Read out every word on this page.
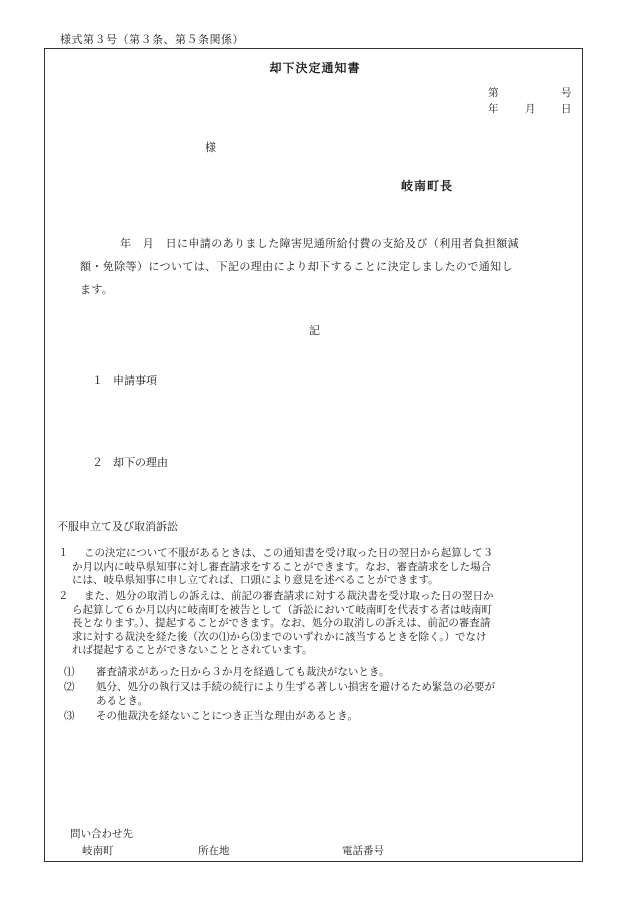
様式第３号（第３条、第５条関係）
却下決定通知書
第	号
年	月 日
様
岐南町長
年　月　日に申請のありました障害児通所給付費の支給及び（利用者負担額減
額・免除等）については、下記の理由により却下することに決定しましたので通知し
ます。
記
１ 申請事項
２ 却下の理由
不服申立て及び取消訴訟
１	この決定について不服があるときは、この通知書を受け取った日の翌日から起算して３
か月以内に岐阜県知事に対し審査請求をすることができます。なお、審査請求をした場合
には、岐阜県知事に申し立てれば、口頭により意見を述べることができます。
２	また、処分の取消しの訴えは、前記の審査請求に対する裁決書を受け取った日の翌日か
ら起算して６か月以内に岐南町を被告として（訴訟において岐南町を代表する者は岐南町
長となります。）、提起することができます。なお、処分の取消しの訴えは、前記の審査請
求に対する裁決を経た後（次の⑴から⑶までのいずれかに該当するときを除く。）でなけ
れば提起することができないこととされています。
⑴ 審査請求があった日から３か月を経過しても裁決がないとき。
⑵ 処分、処分の執行又は手続の続行により生ずる著しい損害を避けるため緊急の必要が
あるとき。
⑶ その他裁決を経ないことにつき正当な理由があるとき。
問い合わせ先
岐南町	所在地	電話番号
